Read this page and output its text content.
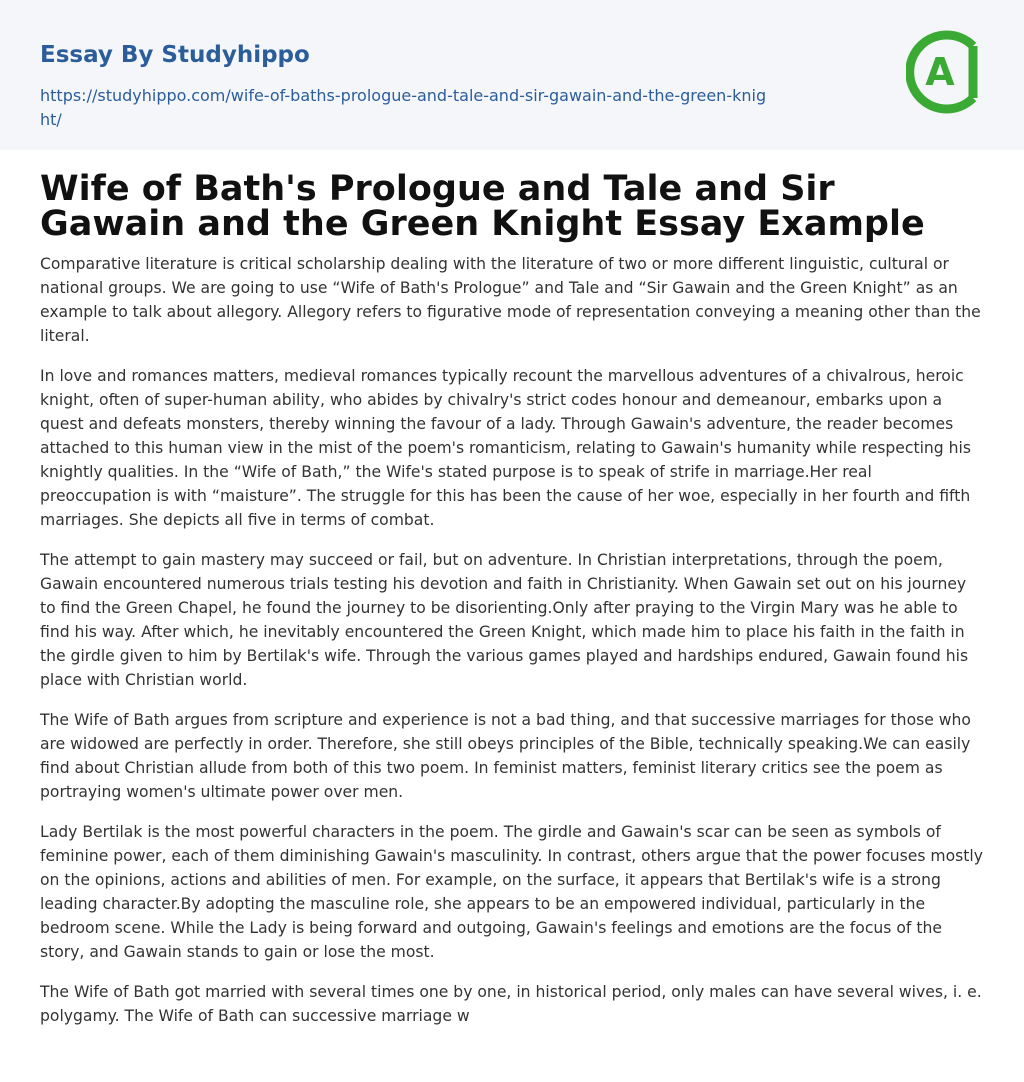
Essay By Studyhippo
https://studyhippo.com/wife-of-baths-prologue-and-tale-and-sir-gawain-and-the-green-knight/
A
Wife of Bath's Prologue and Tale and Sir Gawain and the Green Knight Essay Example

Comparative literature is critical scholarship dealing with the literature of two or more different linguistic, cultural or national groups. We are going to use “Wife of Bath's Prologue” and Tale and “Sir Gawain and the Green Knight” as an example to talk about allegory. Allegory refers to figurative mode of representation conveying a meaning other than the literal.

In love and romances matters, medieval romances typically recount the marvellous adventures of a chivalrous, heroic knight, often of super-human ability, who abides by chivalry's strict codes honour and demeanour, embarks upon a quest and defeats monsters, thereby winning the favour of a lady. Through Gawain's adventure, the reader becomes attached to this human view in the mist of the poem's romanticism, relating to Gawain's humanity while respecting his knightly qualities. In the “Wife of Bath,” the Wife's stated purpose is to speak of strife in marriage.Her real preoccupation is with “maisture”. The struggle for this has been the cause of her woe, especially in her fourth and fifth marriages. She depicts all five in terms of combat.

The attempt to gain mastery may succeed or fail, but on adventure. In Christian interpretations, through the poem, Gawain encountered numerous trials testing his devotion and faith in Christianity. When Gawain set out on his journey to find the Green Chapel, he found the journey to be disorienting.Only after praying to the Virgin Mary was he able to find his way. After which, he inevitably encountered the Green Knight, which made him to place his faith in the faith in the girdle given to him by Bertilak's wife. Through the various games played and hardships endured, Gawain found his place with Christian world.

The Wife of Bath argues from scripture and experience is not a bad thing, and that successive marriages for those who are widowed are perfectly in order. Therefore, she still obeys principles of the Bible, technically speaking.We can easily find about Christian allude from both of this two poem. In feminist matters, feminist literary critics see the poem as portraying women's ultimate power over men.

Lady Bertilak is the most powerful characters in the poem. The girdle and Gawain's scar can be seen as symbols of feminine power, each of them diminishing Gawain's masculinity. In contrast, others argue that the power focuses mostly on the opinions, actions and abilities of men. For example, on the surface, it appears that Bertilak's wife is a strong leading character.By adopting the masculine role, she appears to be an empowered individual, particularly in the bedroom scene. While the Lady is being forward and outgoing, Gawain's feelings and emotions are the focus of the story, and Gawain stands to gain or lose the most.

The Wife of Bath got married with several times one by one, in historical period, only males can have several wives, i. e. polygamy. The Wife of Bath can successive marriage w
